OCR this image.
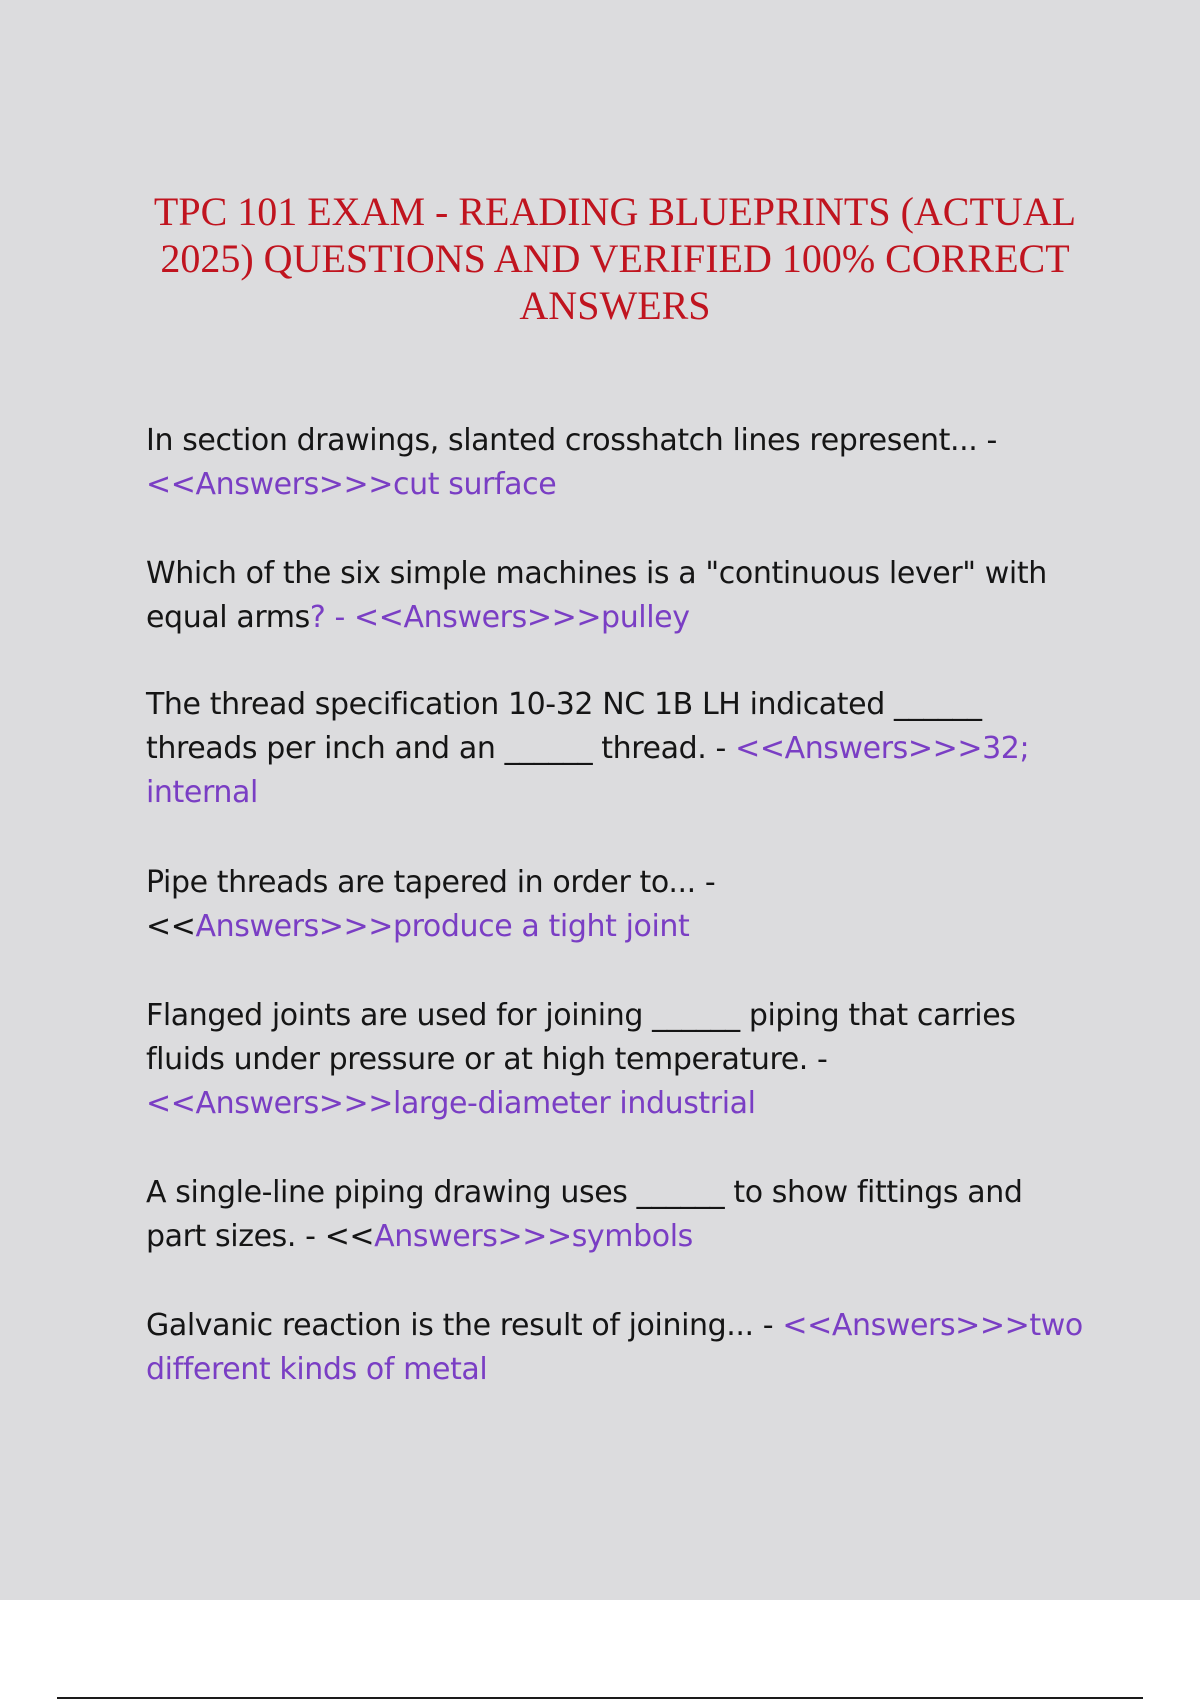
TPC 101 EXAM - READING BLUEPRINTS (ACTUAL 2025) QUESTIONS AND VERIFIED 100% CORRECT ANSWERS

In section drawings, slanted crosshatch lines represent... - <<Answers>>>cut surface

Which of the six simple machines is a "continuous lever" with equal arms? - <<Answers>>>pulley

The thread specification 10-32 NC 1B LH indicated ______ threads per inch and an ______ thread. - <<Answers>>>32; internal

Pipe threads are tapered in order to... - <<Answers>>>produce a tight joint

Flanged joints are used for joining ______ piping that carries fluids under pressure or at high temperature. - <<Answers>>>large-diameter industrial

A single-line piping drawing uses ______ to show fittings and part sizes. - <<Answers>>>symbols

Galvanic reaction is the result of joining... - <<Answers>>>two different kinds of metal
